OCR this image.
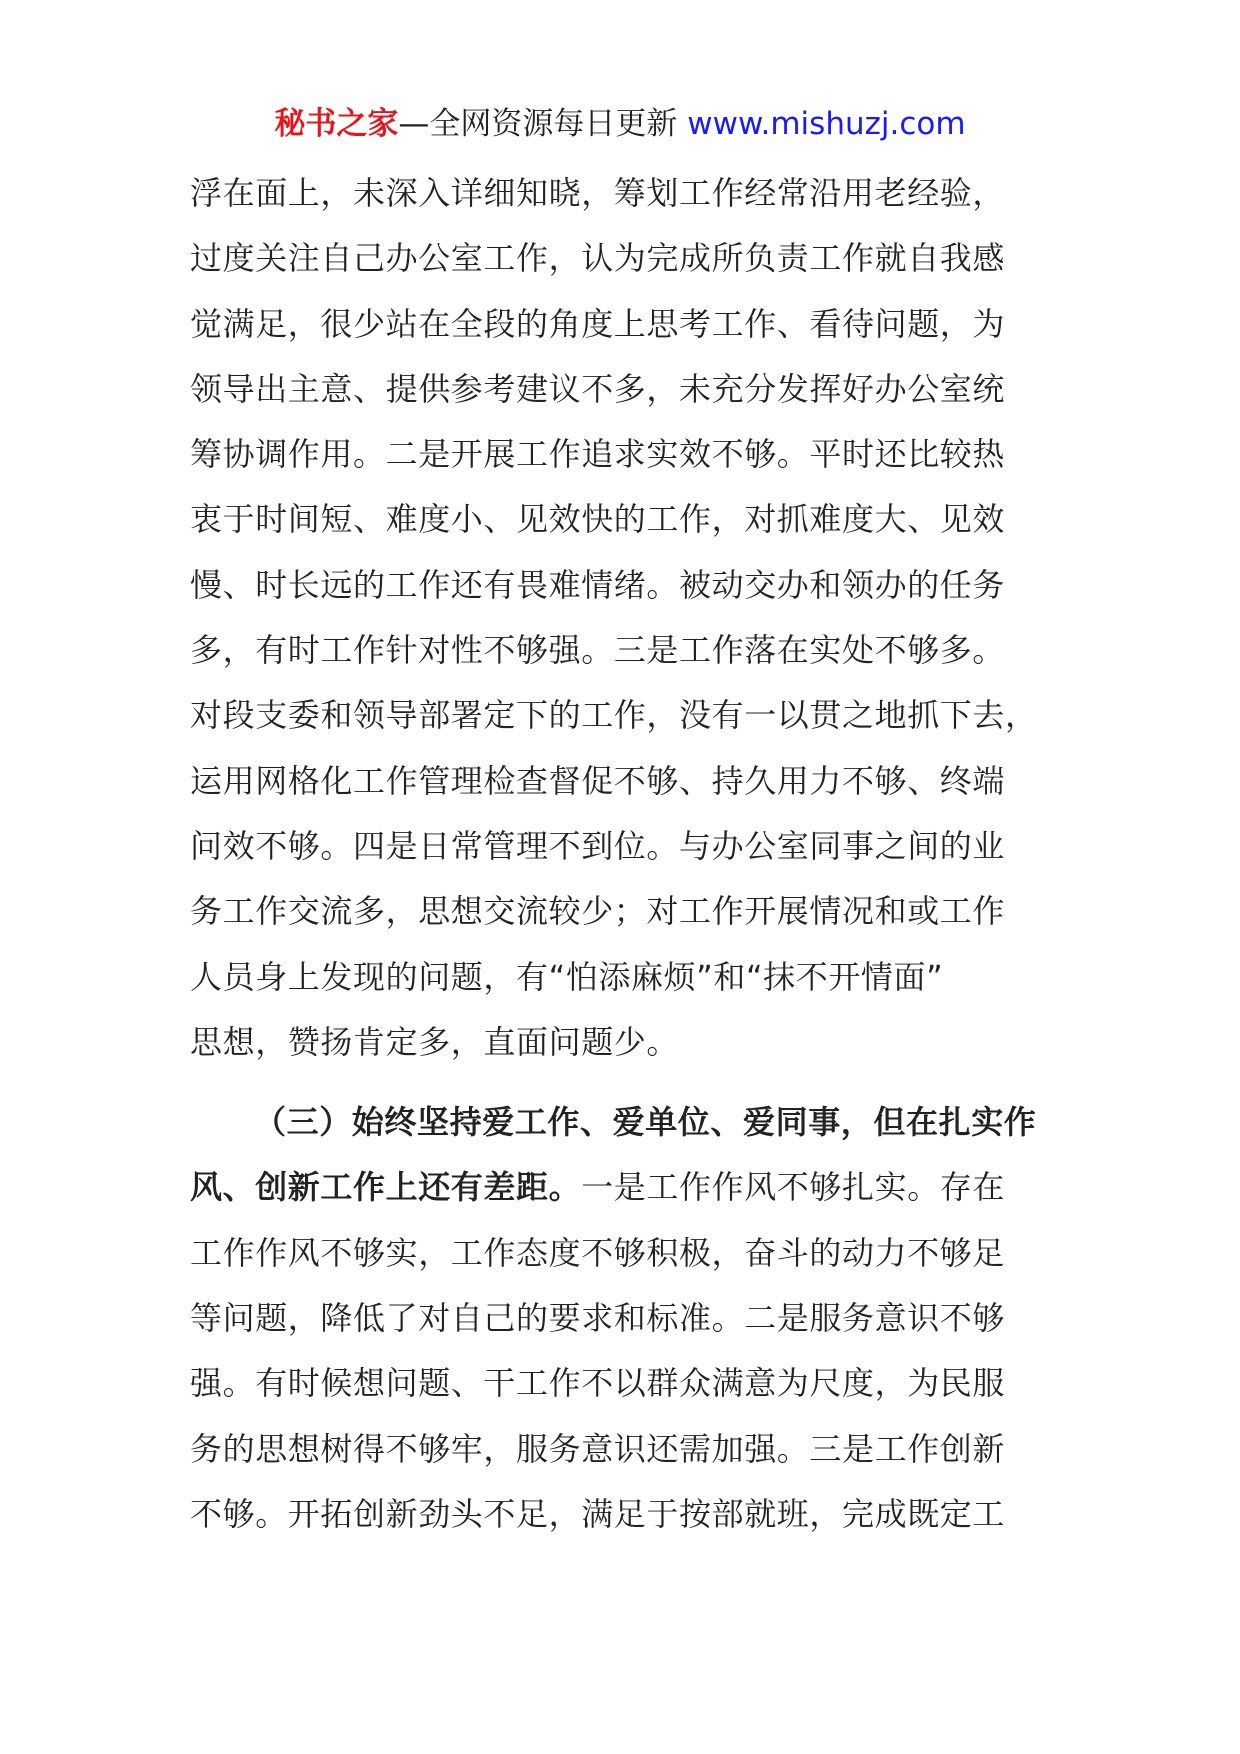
秘书之家—全网资源每日更新 www.mishuzj.com
浮在面上，未深入详细知晓，筹划工作经常沿用老经验，
过度关注自己办公室工作，认为完成所负责工作就自我感
觉满足，很少站在全段的角度上思考工作、看待问题，为
领导出主意、提供参考建议不多，未充分发挥好办公室统
筹协调作用。二是开展工作追求实效不够。平时还比较热
衷于时间短、难度小、见效快的工作，对抓难度大、见效
慢、时长远的工作还有畏难情绪。被动交办和领办的任务
多，有时工作针对性不够强。三是工作落在实处不够多。
对段支委和领导部署定下的工作，没有一以贯之地抓下去，
运用网格化工作管理检查督促不够、持久用力不够、终端
问效不够。四是日常管理不到位。与办公室同事之间的业
务工作交流多，思想交流较少；对工作开展情况和或工作
人员身上发现的问题，有“怕添麻烦”和“抹不开情面”
思想，赞扬肯定多，直面问题少。
（三）始终坚持爱工作、爱单位、爱同事，但在扎实作
风、创新工作上还有差距。一是工作作风不够扎实。存在
工作作风不够实，工作态度不够积极，奋斗的动力不够足
等问题，降低了对自己的要求和标准。二是服务意识不够
强。有时候想问题、干工作不以群众满意为尺度，为民服
务的思想树得不够牢，服务意识还需加强。三是工作创新
不够。开拓创新劲头不足，满足于按部就班，完成既定工
